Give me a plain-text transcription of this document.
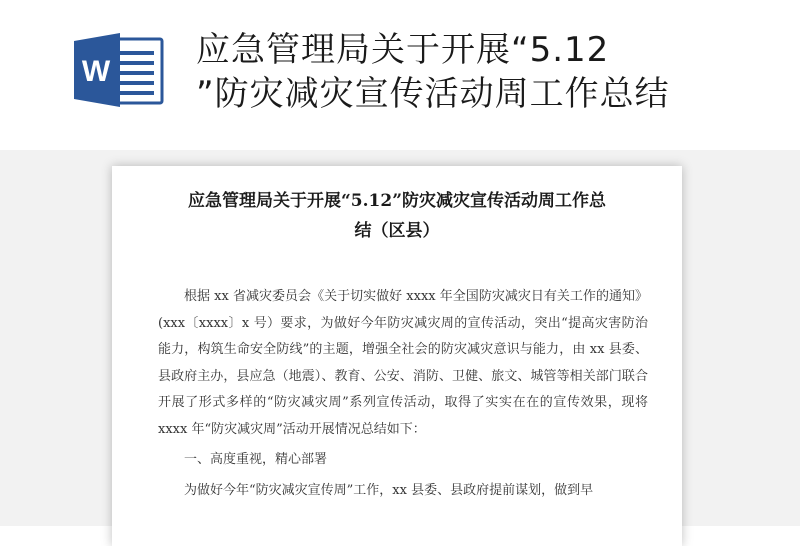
W
应急管理局关于开展“5.12
”防灾减灾宣传活动周工作总结
应急管理局关于开展“5.12”防灾减灾宣传活动周工作总
结（区县）

根据 xx 省减灾委员会《关于切实做好 xxxx 年全国防灾减灾日有关工作的通知》(xxx〔xxxx〕x 号）要求，为做好今年防灾减灾周的宣传活动，突出“提高灾害防治能力，构筑生命安全防线”的主题，增强全社会的防灾减灾意识与能力，由 xx 县委、县政府主办，县应急（地震）、教育、公安、消防、卫健、旅文、城管等相关部门联合开展了形式多样的“防灾减灾周”系列宣传活动，取得了实实在在的宣传效果，现将 xxxx 年“防灾减灾周”活动开展情况总结如下：

一、高度重视，精心部署

为做好今年“防灾减灾宣传周”工作，xx 县委、县政府提前谋划，做到早
